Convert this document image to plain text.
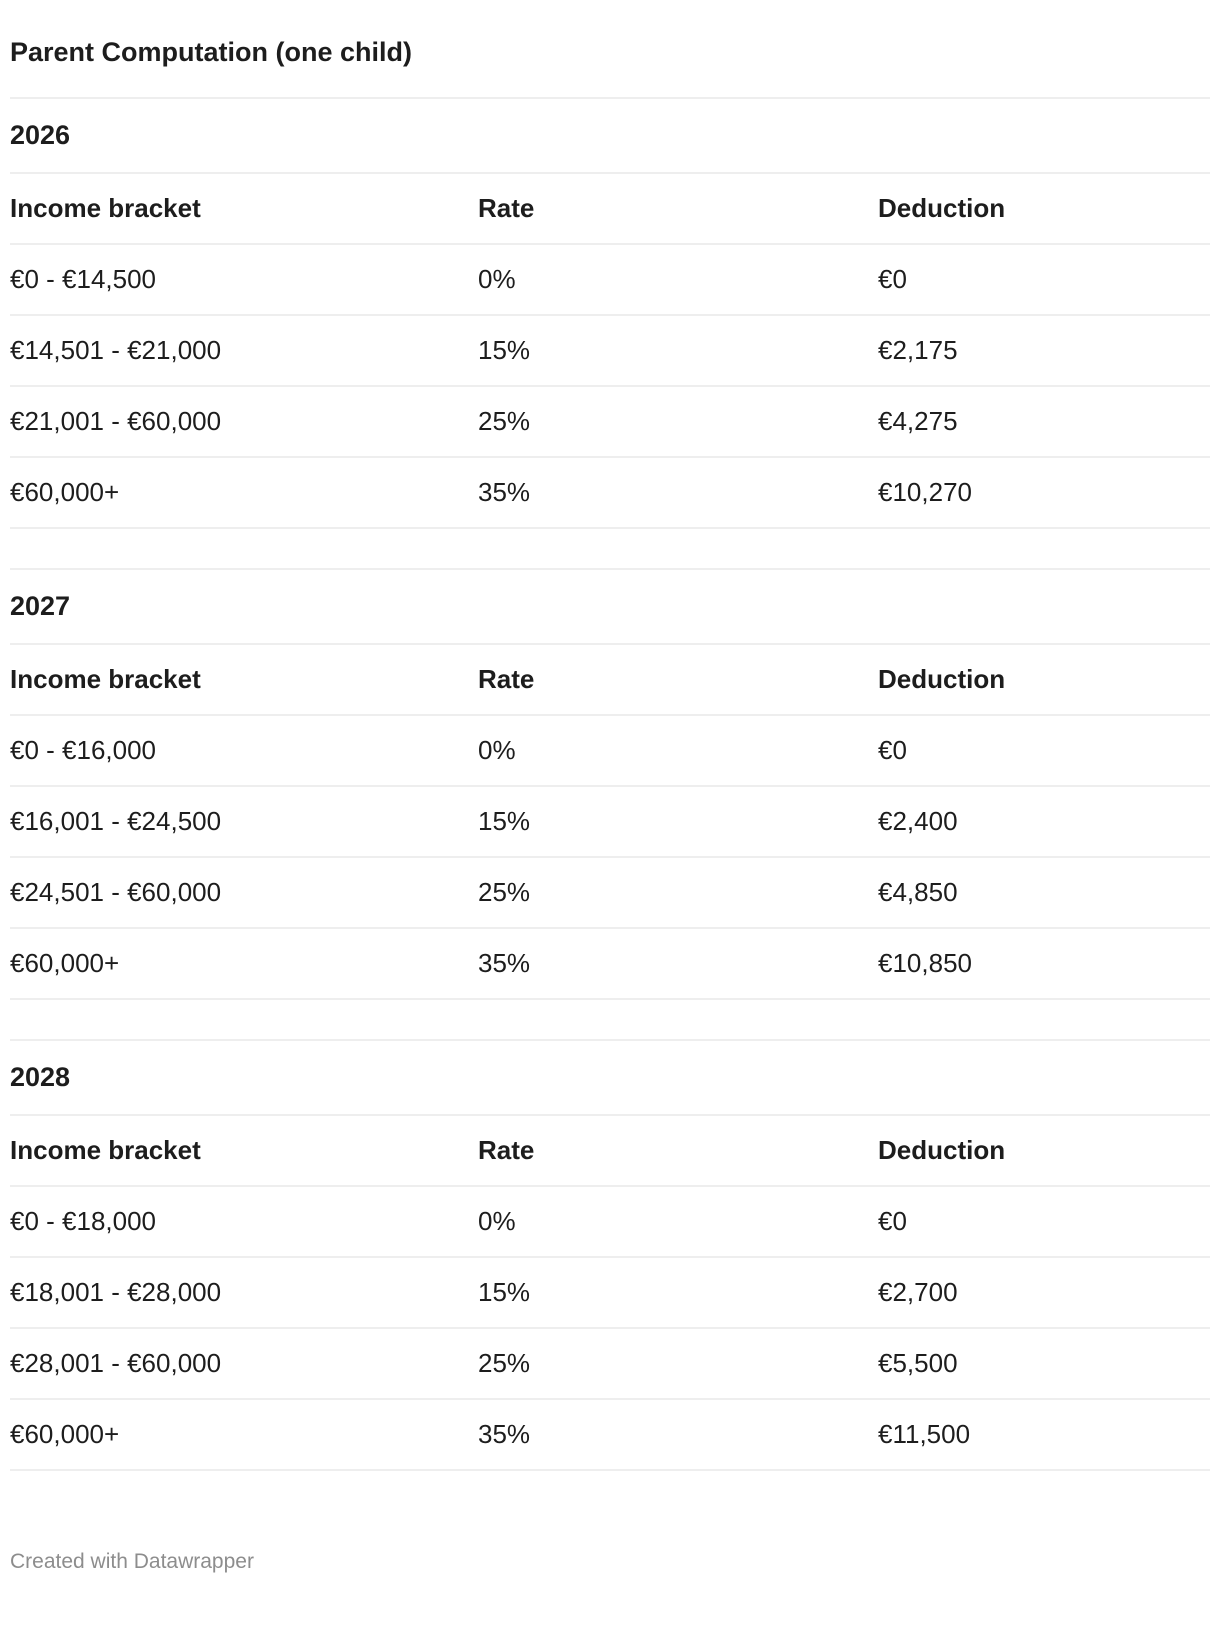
Parent Computation (one child)
2026
Income bracket	Rate	Deduction
€0 - €14,500	0%	€0
€14,501 - €21,000	15%	€2,175
€21,001 - €60,000	25%	€4,275
€60,000+	35%	€10,270
2027
Income bracket	Rate	Deduction
€0 - €16,000	0%	€0
€16,001 - €24,500	15%	€2,400
€24,501 - €60,000	25%	€4,850
€60,000+	35%	€10,850
2028
Income bracket	Rate	Deduction
€0 - €18,000	0%	€0
€18,001 - €28,000	15%	€2,700
€28,001 - €60,000	25%	€5,500
€60,000+	35%	€11,500
Created with Datawrapper
